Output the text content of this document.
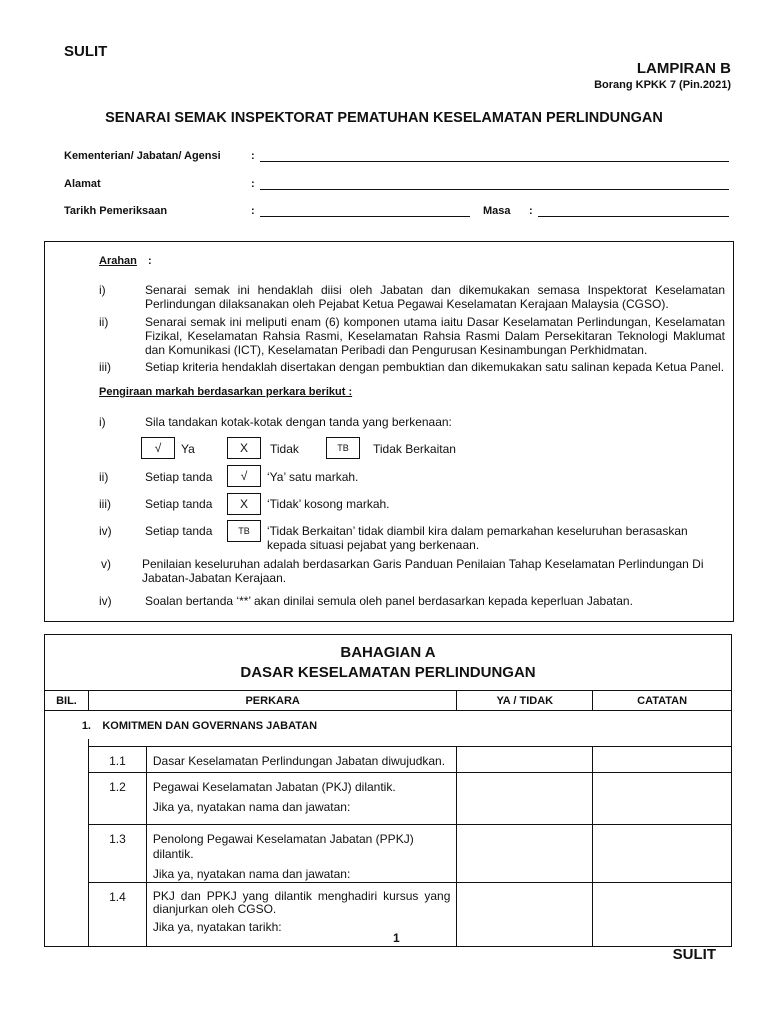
SULIT
LAMPIRAN B
Borang KPKK 7 (Pin.2021)
SENARAI SEMAK INSPEKTORAT PEMATUHAN KESELAMATAN PERLINDUNGAN
Kementerian/ Jabatan/ Agensi	:
Alamat	:
Tarikh Pemeriksaan	:	Masa :
Arahan :
i)	Senarai semak ini hendaklah diisi oleh Jabatan dan dikemukakan semasa Inspektorat Keselamatan Perlindungan dilaksanakan oleh Pejabat Ketua Pegawai Keselamatan Kerajaan Malaysia (CGSO).
ii)	Senarai semak ini meliputi enam (6) komponen utama iaitu Dasar Keselamatan Perlindungan, Keselamatan Fizikal, Keselamatan Rahsia Rasmi, Keselamatan Rahsia Rasmi Dalam Persekitaran Teknologi Maklumat dan Komunikasi (ICT), Keselamatan Peribadi dan Pengurusan Kesinambungan Perkhidmatan.
iii)	Setiap kriteria hendaklah disertakan dengan pembuktian dan dikemukakan satu salinan kepada Ketua Panel.
Pengiraan markah berdasarkan perkara berikut :
i)	Sila tandakan kotak-kotak dengan tanda yang berkenaan:
√	Ya	X	Tidak	TB	Tidak Berkaitan
ii)	Setiap tanda	√	‘Ya’ satu markah.
iii)	Setiap tanda	X	‘Tidak’ kosong markah.
iv)	Setiap tanda	TB	‘Tidak Berkaitan’ tidak diambil kira dalam pemarkahan keseluruhan berasaskan kepada situasi pejabat yang berkenaan.
v)	Penilaian keseluruhan adalah berdasarkan Garis Panduan Penilaian Tahap Keselamatan Perlindungan Di Jabatan-Jabatan Kerajaan.
iv)	Soalan bertanda ‘**’ akan dinilai semula oleh panel berdasarkan kepada keperluan Jabatan.
BAHAGIAN A
DASAR KESELAMATAN PERLINDUNGAN				

BIL.	PERKARA		YA / TIDAK	CATATAN
1. KOMITMEN DAN GOVERNANS JABATAN				

	1.1	Dasar Keselamatan Perlindungan Jabatan diwujudkan.		
	1.2	Pegawai Keselamatan Jabatan (PKJ) dilantik.
Jika ya, nyatakan nama dan jawatan:		

	1.3	Penolong Pegawai Keselamatan Jabatan (PPKJ) dilantik.
Jika ya, nyatakan nama dan jawatan:		

	1.4	PKJ dan PPKJ yang dilantik menghadiri kursus yang dianjurkan oleh CGSO.
Jika ya, nyatakan tarikh:		

1
SULIT
